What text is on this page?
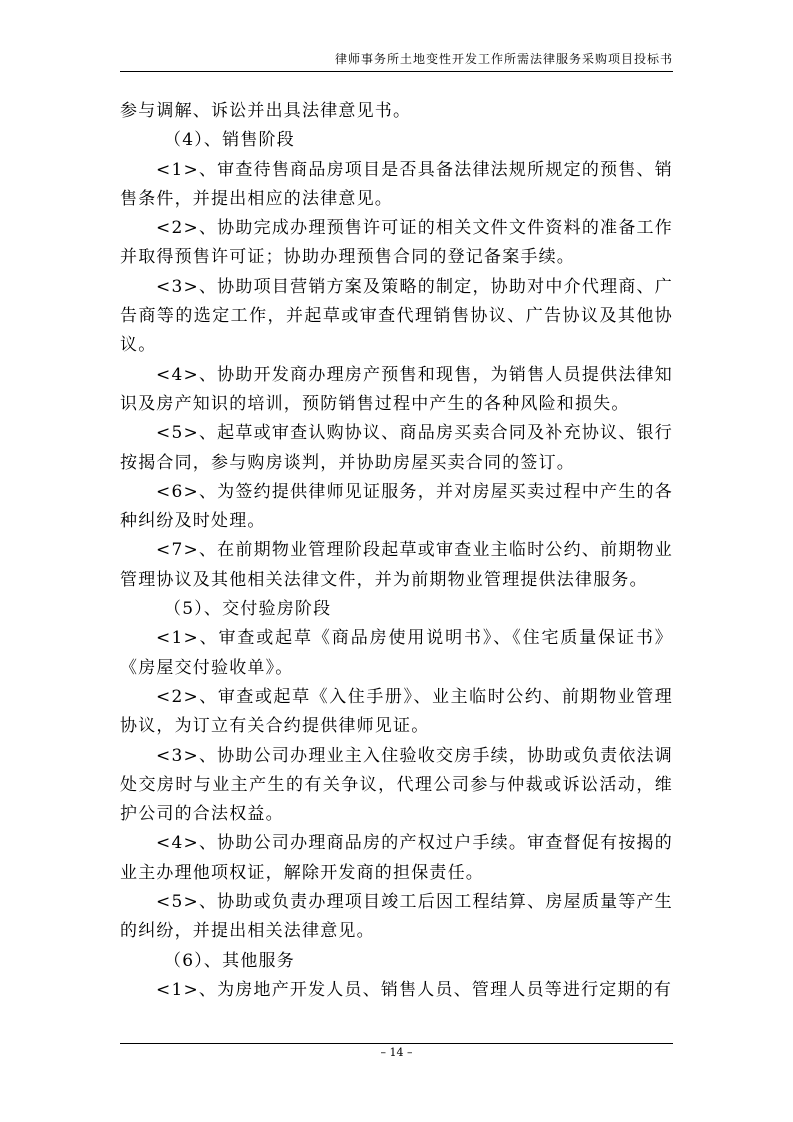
律师事务所土地变性开发工作所需法律服务采购项目投标书

参与调解、诉讼并出具法律意见书。

（4）、销售阶段

<1>、审查待售商品房项目是否具备法律法规所规定的预售、销售条件，并提出相应的法律意见。

<2>、协助完成办理预售许可证的相关文件文件资料的准备工作并取得预售许可证；协助办理预售合同的登记备案手续。

<3>、协助项目营销方案及策略的制定，协助对中介代理商、广告商等的选定工作，并起草或审查代理销售协议、广告协议及其他协议。

<4>、协助开发商办理房产预售和现售，为销售人员提供法律知识及房产知识的培训，预防销售过程中产生的各种风险和损失。

<5>、起草或审查认购协议、商品房买卖合同及补充协议、银行按揭合同，参与购房谈判，并协助房屋买卖合同的签订。

<6>、为签约提供律师见证服务，并对房屋买卖过程中产生的各种纠纷及时处理。

<7>、在前期物业管理阶段起草或审查业主临时公约、前期物业管理协议及其他相关法律文件，并为前期物业管理提供法律服务。

（5）、交付验房阶段

<1>、审查或起草《商品房使用说明书》、《住宅质量保证书》《房屋交付验收单》。

<2>、审查或起草《入住手册》、业主临时公约、前期物业管理协议，为订立有关合约提供律师见证。

<3>、协助公司办理业主入住验收交房手续，协助或负责依法调处交房时与业主产生的有关争议，代理公司参与仲裁或诉讼活动，维护公司的合法权益。

<4>、协助公司办理商品房的产权过户手续。审查督促有按揭的业主办理他项权证，解除开发商的担保责任。

<5>、协助或负责办理项目竣工后因工程结算、房屋质量等产生的纠纷，并提出相关法律意见。

（6）、其他服务

<1>、为房地产开发人员、销售人员、管理人员等进行定期的有

– 14 –
